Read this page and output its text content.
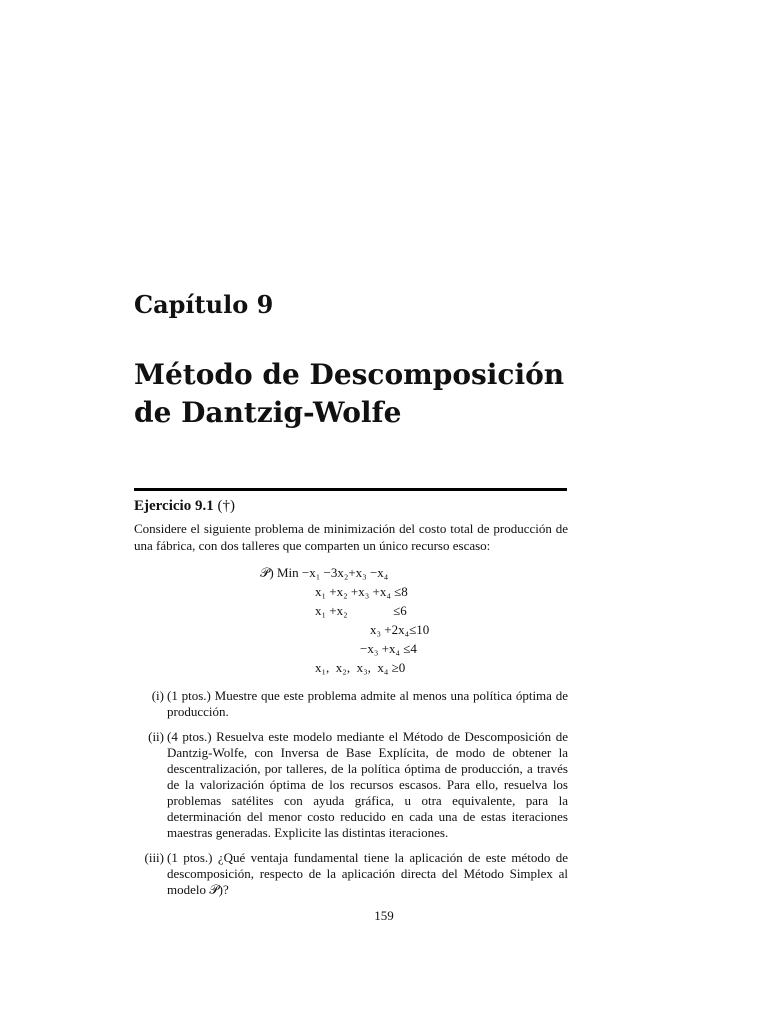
Capítulo 9
Método de Descomposición
de Dantzig-Wolfe
Ejercicio 9.1 (†)
Considere el siguiente problema de minimización del costo total de producción de una fábrica, con dos talleres que comparten un único recurso escaso:
𝒫) Min −x₁ −3x₂+x₃ −x₄
x₁ +x₂ +x₃ +x₄ ≤8
x₁ +x₂              ≤6
x₃ +2x₄≤10
−x₃ +x₄ ≤4
x₁,  x₂,  x₃,  x₄ ≥0
(i) (1 ptos.) Muestre que este problema admite al menos una política óptima de producción.
(ii) (4 ptos.) Resuelva este modelo mediante el Método de Descomposición de Dantzig-Wolfe, con Inversa de Base Explícita, de modo de obtener la descentralización, por talleres, de la política óptima de producción, a través de la valorización óptima de los recursos escasos. Para ello, resuelva los problemas satélites con ayuda gráfica, u otra equivalente, para la determinación del menor costo reducido en cada una de estas iteraciones maestras generadas. Explicite las distintas iteraciones.
(iii) (1 ptos.) ¿Qué ventaja fundamental tiene la aplicación de este método de descomposición, respecto de la aplicación directa del Método Simplex al modelo 𝒫)?
159
